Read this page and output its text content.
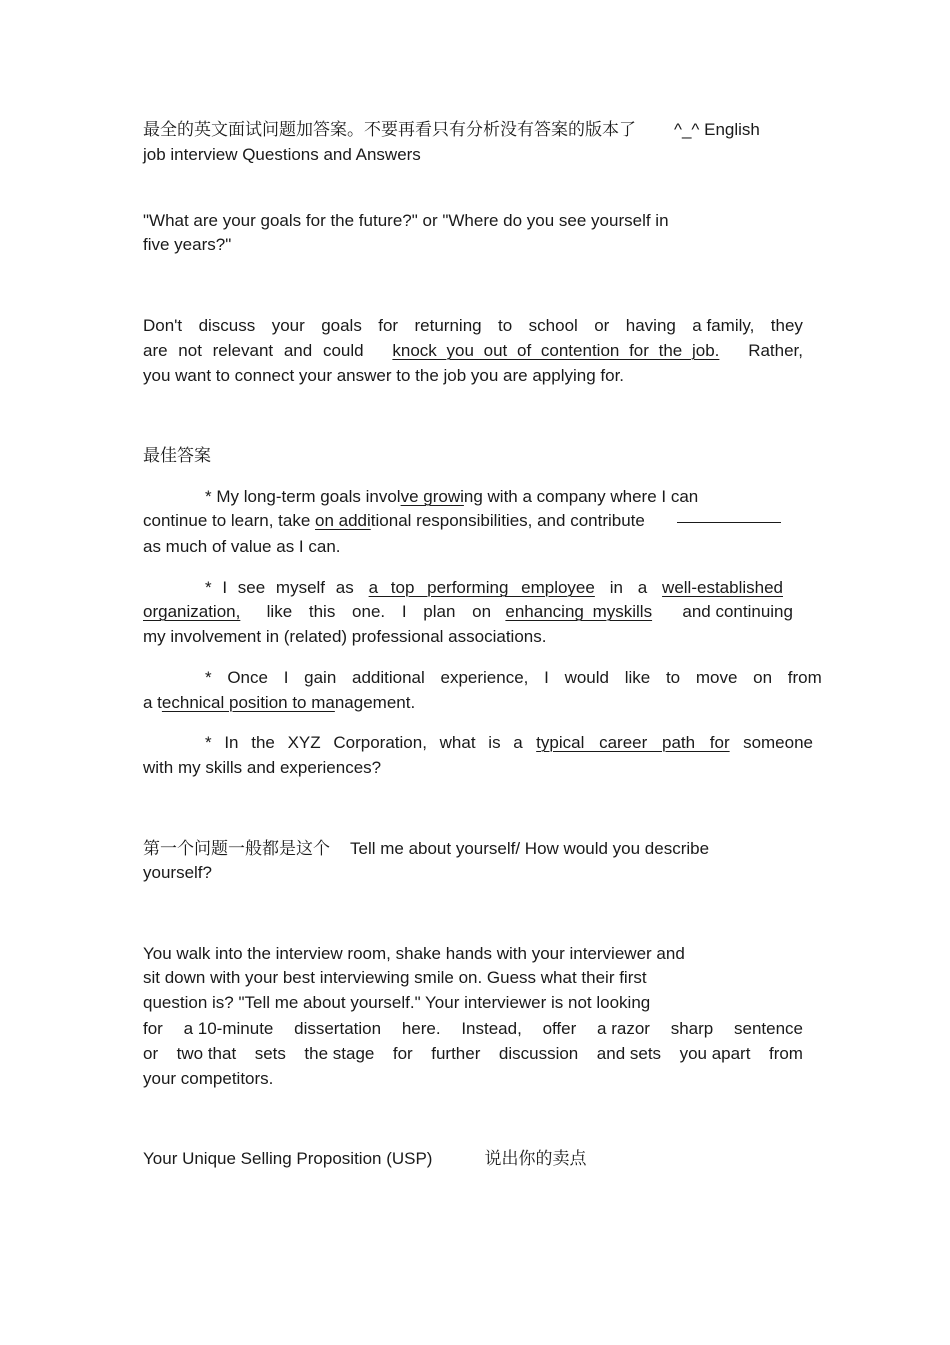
最全的英文面试问题加答案。不要再看只有分析没有答案的版本了 ^_^ English
job interview Questions and Answers
"What are your goals for the future?" or "Where do you see yourself in
five years?"
Don't discuss your goals for returning to school or having a family, they
are not relevant and could knock you out of contention for the job. Rather,
you want to connect your answer to the job you are applying for.
最佳答案
* My long-term goals involve growing with a company where I can
continue to learn, take on additional responsibilities, and contribute
as much of value as I can.
* I see myself as a top performing employee in a well-established
organization,	like this one. I plan on enhancing myskills	and continuing
my involvement in (related) professional associations.
* Once I gain additional experience, I would like to move on from
a technical position to management.
* In the XYZ Corporation, what is a typical career path for someone
with my skills and experiences?
第一个问题一般都是这个 Tell me about yourself/ How would you describe
yourself?
You walk into the interview room, shake hands with your interviewer and
sit down with your best interviewing smile on. Guess what their first
question is? "Tell me about yourself." Your interviewer is not looking
for a 10-minute dissertation here. Instead, offer a razor sharp sentence
or two that sets the stage for further discussion and sets you apart from
your competitors.
Your Unique Selling Proposition (USP)	说出你的卖点
